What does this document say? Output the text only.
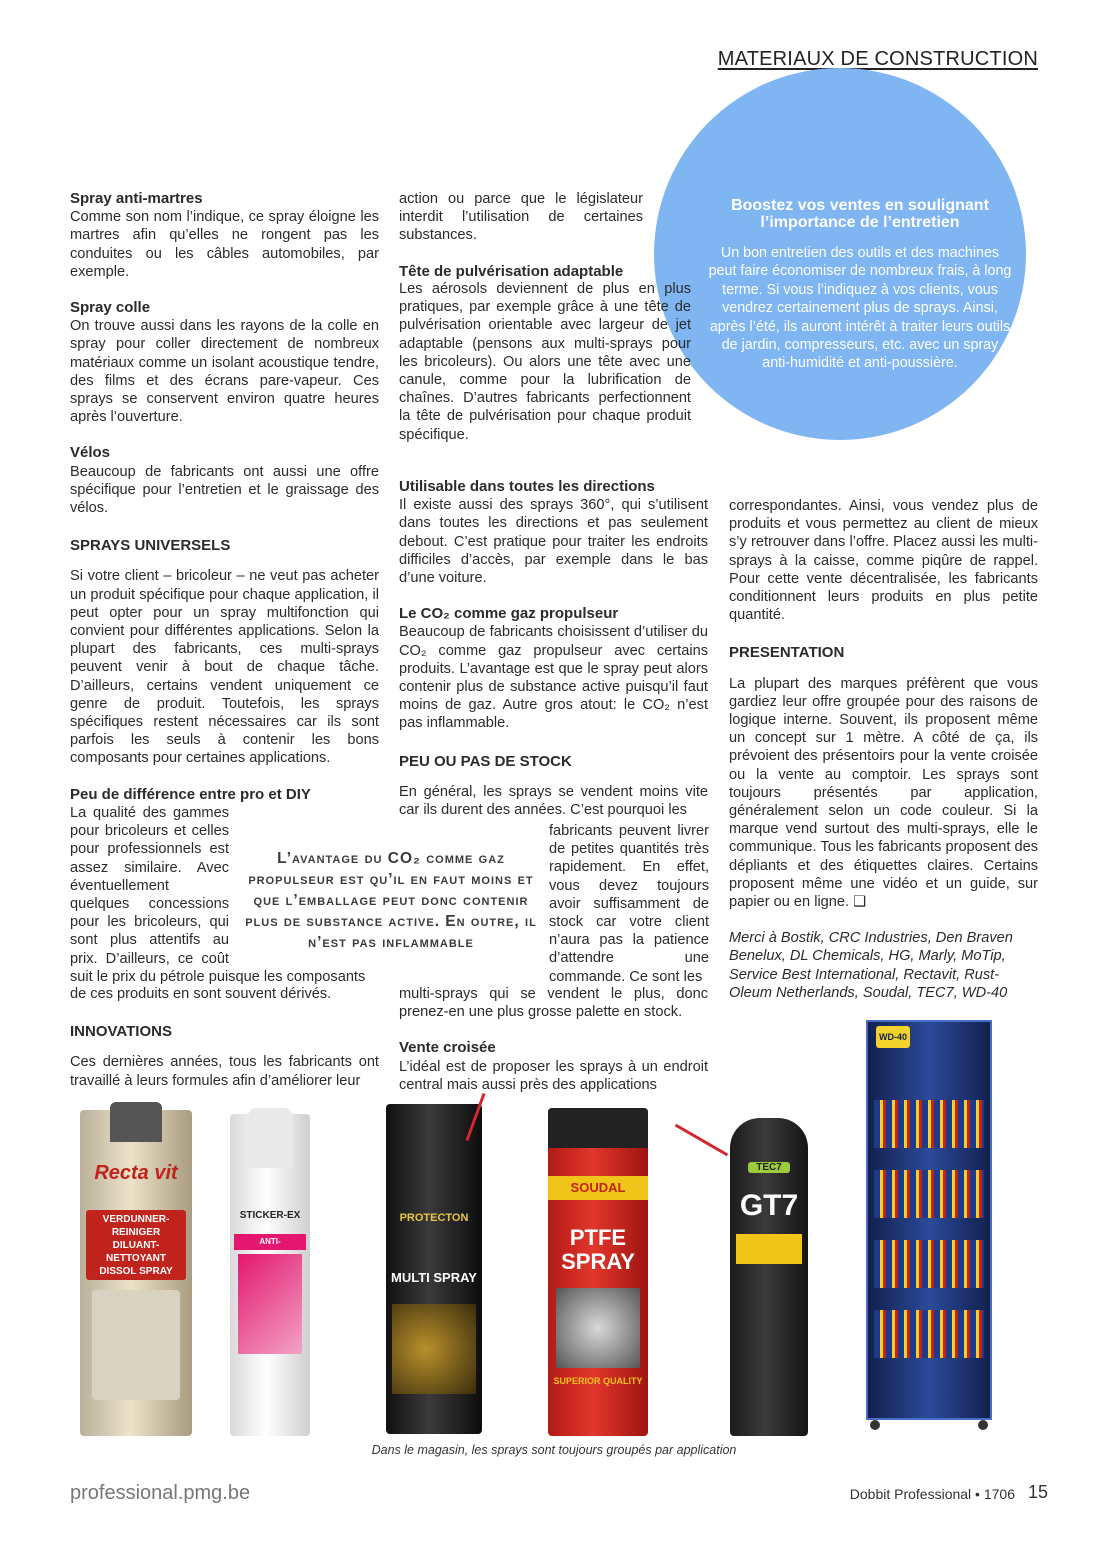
MATERIAUX DE CONSTRUCTION
Boostez vos ventes en soulignant l’importance de l’entretien
Un bon entretien des outils et des machines peut faire économiser de nombreux frais, à long terme. Si vous l’indiquez à vos clients, vous vendrez certainement plus de sprays. Ainsi, après l’été, ils auront intérêt à traiter leurs outils de jardin, compresseurs, etc. avec un spray anti-humidité et anti-poussière.
Spray anti-martres

Comme son nom l’indique, ce spray éloigne les martres afin qu’elles ne rongent pas les conduites ou les câbles automobiles, par exemple.

Spray colle

On trouve aussi dans les rayons de la colle en spray pour coller directement de nombreux matériaux comme un isolant acoustique tendre, des films et des écrans pare-vapeur. Ces sprays se conservent environ quatre heures après l’ouverture.

Vélos

Beaucoup de fabricants ont aussi une offre spécifique pour l’entretien et le graissage des vélos.

SPRAYS UNIVERSELS

Si votre client – bricoleur – ne veut pas acheter un produit spécifique pour chaque application, il peut opter pour un spray multifonction qui convient pour différentes applications. Selon la plupart des fabricants, ces multi-sprays peuvent venir à bout de chaque tâche. D’ailleurs, certains vendent uniquement ce genre de produit. Toutefois, les sprays spécifiques restent nécessaires car ils sont parfois les seuls à contenir les bons composants pour certaines applications.

Peu de différence entre pro et DIY

La qualité des gammes pour bricoleurs et celles pour professionnels est assez similaire. Avec éventuellement quelques concessions pour les bricoleurs, qui sont plus attentifs au prix. D’ailleurs, ce coût suit le prix du pétrole puisque les composants

de ces produits en sont souvent dérivés.

INNOVATIONS

Ces dernières années, tous les fabricants ont travaillé à leurs formules afin d’améliorer leur

L’avantage du CO₂ comme gaz propulseur est qu’il en faut moins et que l’emballage peut donc contenir plus de substance active. En outre, il n’est pas inflammable

action ou parce que le législateur interdit l’utilisation de certaines substances.

Tête de pulvérisation adaptable

Les aérosols deviennent de plus en plus pratiques, par exemple grâce à une tête de pulvérisation orientable avec largeur de jet adaptable (pensons aux multi-sprays pour les bricoleurs). Ou alors une tête avec une canule, comme pour la lubrification de chaînes. D’autres fabricants perfectionnent la tête de pulvérisation pour chaque produit spécifique.

Utilisable dans toutes les directions

Il existe aussi des sprays 360°, qui s’utilisent dans toutes les directions et pas seulement debout. C’est pratique pour traiter les endroits difficiles d’accès, par exemple dans le bas d’une voiture.

Le CO₂ comme gaz propulseur

Beaucoup de fabricants choisissent d’utiliser du CO₂ comme gaz propulseur avec certains produits. L’avantage est que le spray peut alors contenir plus de substance active puisqu’il faut moins de gaz. Autre gros atout: le CO₂ n’est pas inflammable.

PEU OU PAS DE STOCK

En général, les sprays se vendent moins vite car ils durent des années. C’est pourquoi les

fabricants peuvent livrer de petites quantités très rapidement. En effet, vous devez toujours avoir suffisamment de stock car votre client n’aura pas la patience d’attendre une commande. Ce sont les

multi-sprays qui se vendent le plus, donc prenez-en une plus grosse palette en stock.

Vente croisée

L’idéal est de proposer les sprays à un endroit central mais aussi près des applications

correspondantes. Ainsi, vous vendez plus de produits et vous permettez au client de mieux s’y retrouver dans l’offre. Placez aussi les multi-sprays à la caisse, comme piqûre de rappel. Pour cette vente décentralisée, les fabricants conditionnent leurs produits en plus petite quantité.

PRESENTATION

La plupart des marques préfèrent que vous gardiez leur offre groupée pour des raisons de logique interne. Souvent, ils proposent même un concept sur 1 mètre. A côté de ça, ils prévoient des présentoirs pour la vente croisée ou la vente au comptoir. Les sprays sont toujours présentés par application, généralement selon un code couleur. Si la marque vend surtout des multi-sprays, elle le communique. Tous les fabricants proposent des dépliants et des étiquettes claires. Certains proposent même une vidéo et un guide, sur papier ou en ligne. ❑

Merci à Bostik, CRC Industries, Den Braven Benelux, DL Chemicals, HG, Marly, MoTip, Service Best International, Rectavit, Rust-Oleum Netherlands, Soudal, TEC7, WD-40

Recta vit
VERDUNNER-REINIGER DILUANT-NETTOYANT DISSOL SPRAY
STICKER-EX
ANTI-
PROTECTON
MULTI SPRAY
SOUDAL
PTFE SPRAY
SUPERIOR QUALITY
TEC7
GT7
WD-40
Dans le magasin, les sprays sont toujours groupés par application
professional.pmg.be	Dobbit Professional • 1706 15
